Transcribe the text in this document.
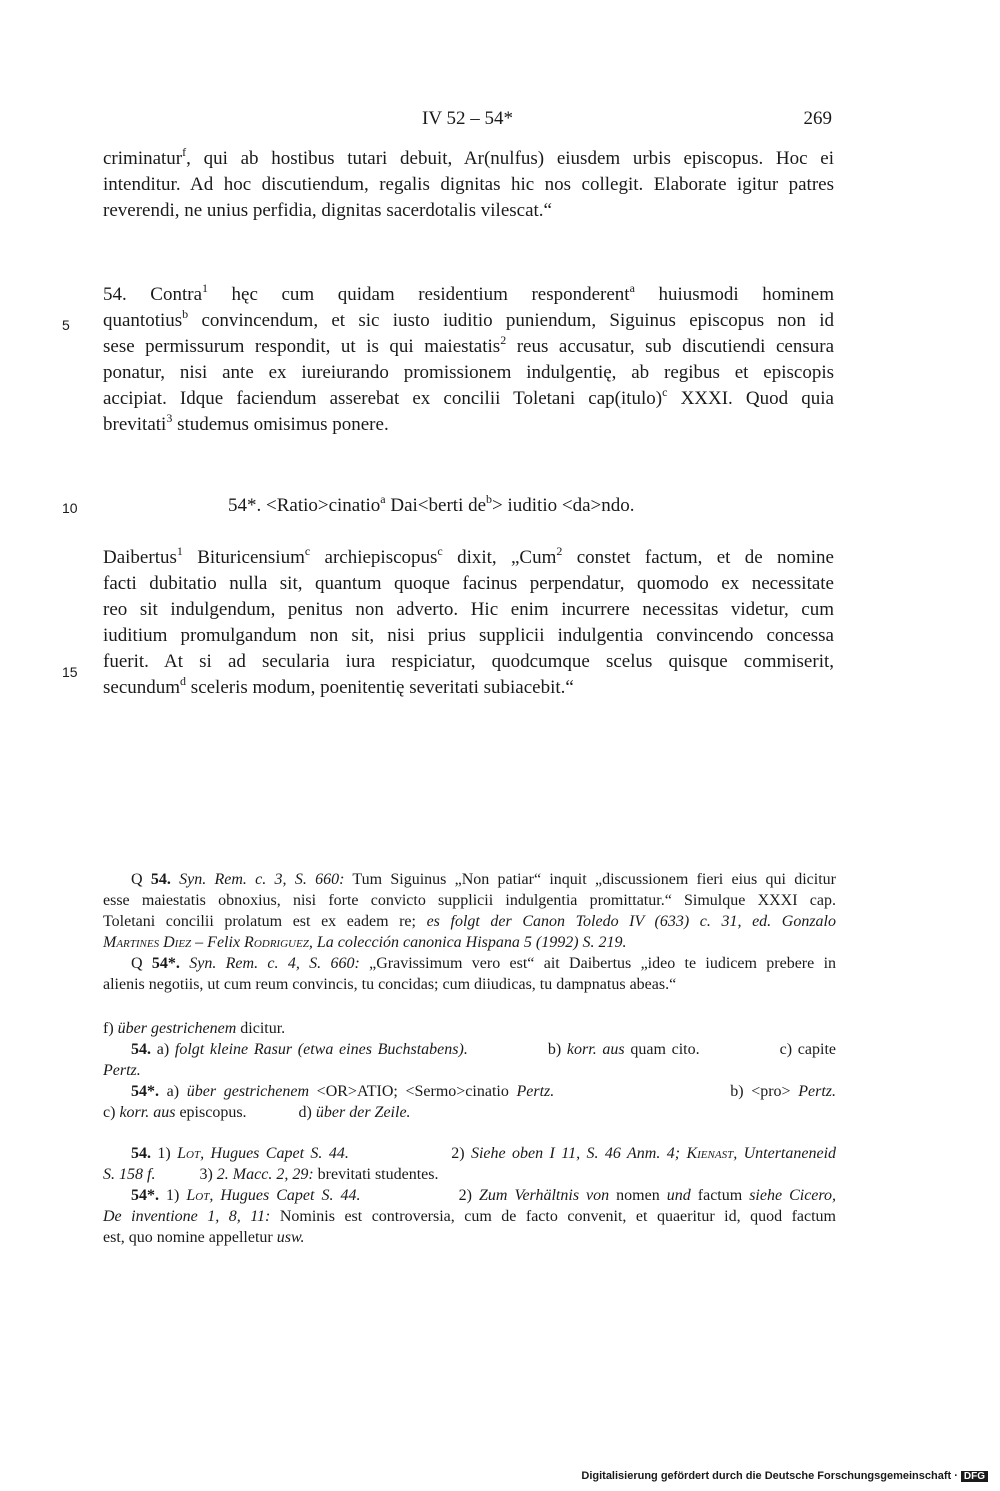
IV 52 – 54*	269
criminatur$^f$, qui ab hostibus tutari debuit, Ar(nulfus) eiusdem urbis episcopus. Hoc ei
intenditur. Ad hoc discutiendum, regalis dignitas hic nos collegit. Elaborate igitur patres
reverendi, ne unius perfidia, dignitas sacerdotalis vilescat.“
54. Contra$^1$ hęc cum quidam residentium responderent$^a$ huiusmodi hominem
quantotius$^b$ convincendum, et sic iusto iuditio puniendum, Siguinus episcopus non id
sese permissurum respondit, ut is qui maiestatis$^2$ reus accusatur, sub discutiendi censura
ponatur, nisi ante ex iureiurando promissionem indulgentię, ab regibus et episcopis
accipiat. Idque faciendum asserebat ex concilii Toletani cap(itulo)$^c$ XXXI. Quod quia
brevitati$^3$ studemus omisimus ponere.
5
10	54*. <Ratio>cinatio$^a$ Dai<berti $de^b>$ iuditio <da>ndo.
Daibertus$^1$ Bituricensium$^c$ archiepiscopus$^c$ dixit, „Cum$^2$ constet factum, et de nomine
facti dubitatio nulla sit, quantum quoque facinus perpendatur, quomodo ex necessitate
reo sit indulgendum, penitus non adverto. Hic enim incurrere necessitas videtur, cum
iuditium promulgandum non sit, nisi prius supplicii indulgentia convincendo concessa
fuerit. At si ad secularia iura respiciatur, quodcumque scelus quisque commiserit,
secundum$^d$ sceleris modum, poenitentię severitati subiacebit.“
15
Q 54. Syn. Rem. c. 3, S. 660: Tum Siguinus „Non patiar“ inquit „discussionem fieri eius qui dicitur
esse maiestatis obnoxius, nisi forte convicto supplicii indulgentia promittatur.“ Simulque XXXI cap.
Toletani concilii prolatum est ex eadem re; es folgt der Canon Toledo IV (633) c. 31, ed. Gonzalo
Martines Diez – Felix Rodriguez, La colección canonica Hispana 5 (1992) S. 219.
Q 54*. Syn. Rem. c. 4, S. 660: „Gravissimum vero est“ ait Daibertus „ideo te iudicem prebere in
alienis negotiis, ut cum reum convincis, tu concidas; cum diiudicas, tu dampnatus abeas.“
f) über gestrichenem dicitur.
54. a) folgt kleine Rasur (etwa eines Buchstabens).              b) korr. aus quam cito.              c) capite
Pertz.
54*. a) über gestrichenem <OR>ATIO; <Sermo>cinatio Pertz.                       b) <pro> Pertz.
c) korr. aus episcopus.             d) über der Zeile.
54. 1) Lot, Hugues Capet S. 44.                2) Siehe oben I 11, S. 46 Anm. 4; Kienast, Untertaneneid
S. 158 f.           3) 2. Macc. 2, 29: brevitati studentes.
54*. 1) Lot, Hugues Capet S. 44.              2) Zum Verhältnis von nomen und factum siehe Cicero,
De inventione 1, 8, 11: Nominis est controversia, cum de facto convenit, et quaeritur id, quod factum
est, quo nomine appelletur usw.
Digitalisierung gefördert durch die Deutsche Forschungsgemeinschaft · DFG
